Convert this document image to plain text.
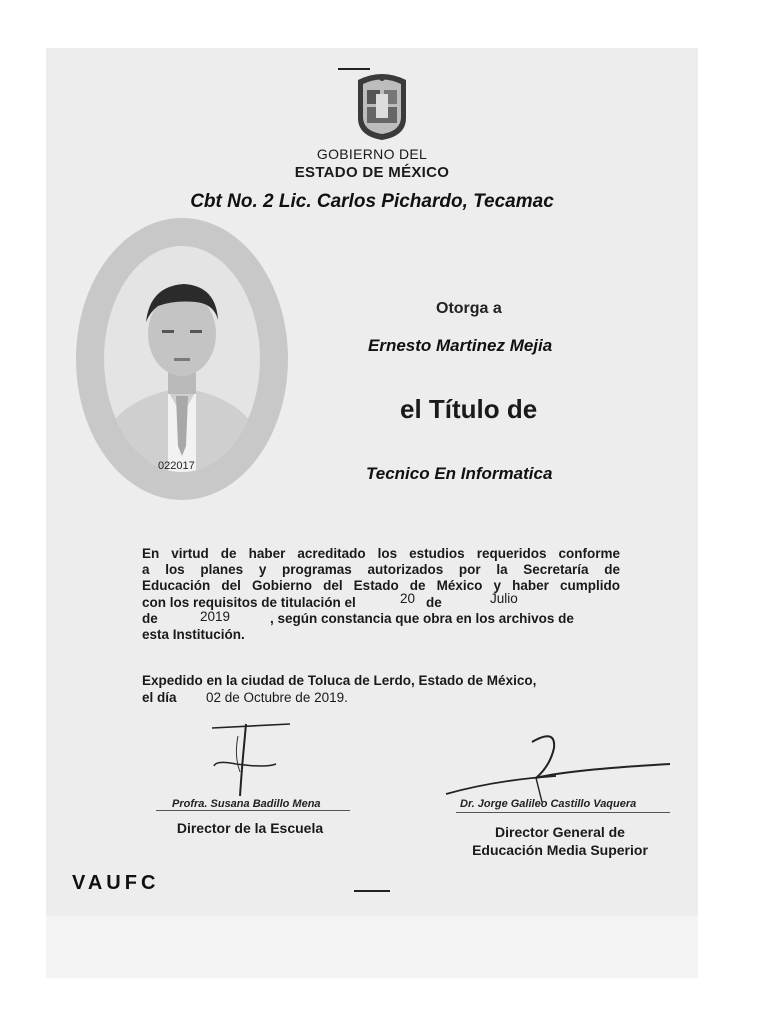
GOBIERNO DEL
ESTADO DE MÉXICO
Cbt No. 2 Lic. Carlos Pichardo, Tecamac
022017
Otorga a
Ernesto Martinez Mejia
el Título de
Tecnico En Informatica
En virtud de haber acreditado los estudios requeridos conforme
a los planes y programas autorizados por la Secretaría de
Educación del Gobierno del Estado de México y haber cumplido
con los requisitos de titulación el	20 de	Julio
de	2019	, según constancia que obra en los archivos de
esta Institución.
Expedido en la ciudad de Toluca de Lerdo, Estado de México,
el día 02 de Octubre de 2019.
Profra. Susana Badillo Mena
Director de la Escuela
Dr. Jorge Galileo Castillo Vaquera
Director General de
Educación Media Superior
VAUFC
